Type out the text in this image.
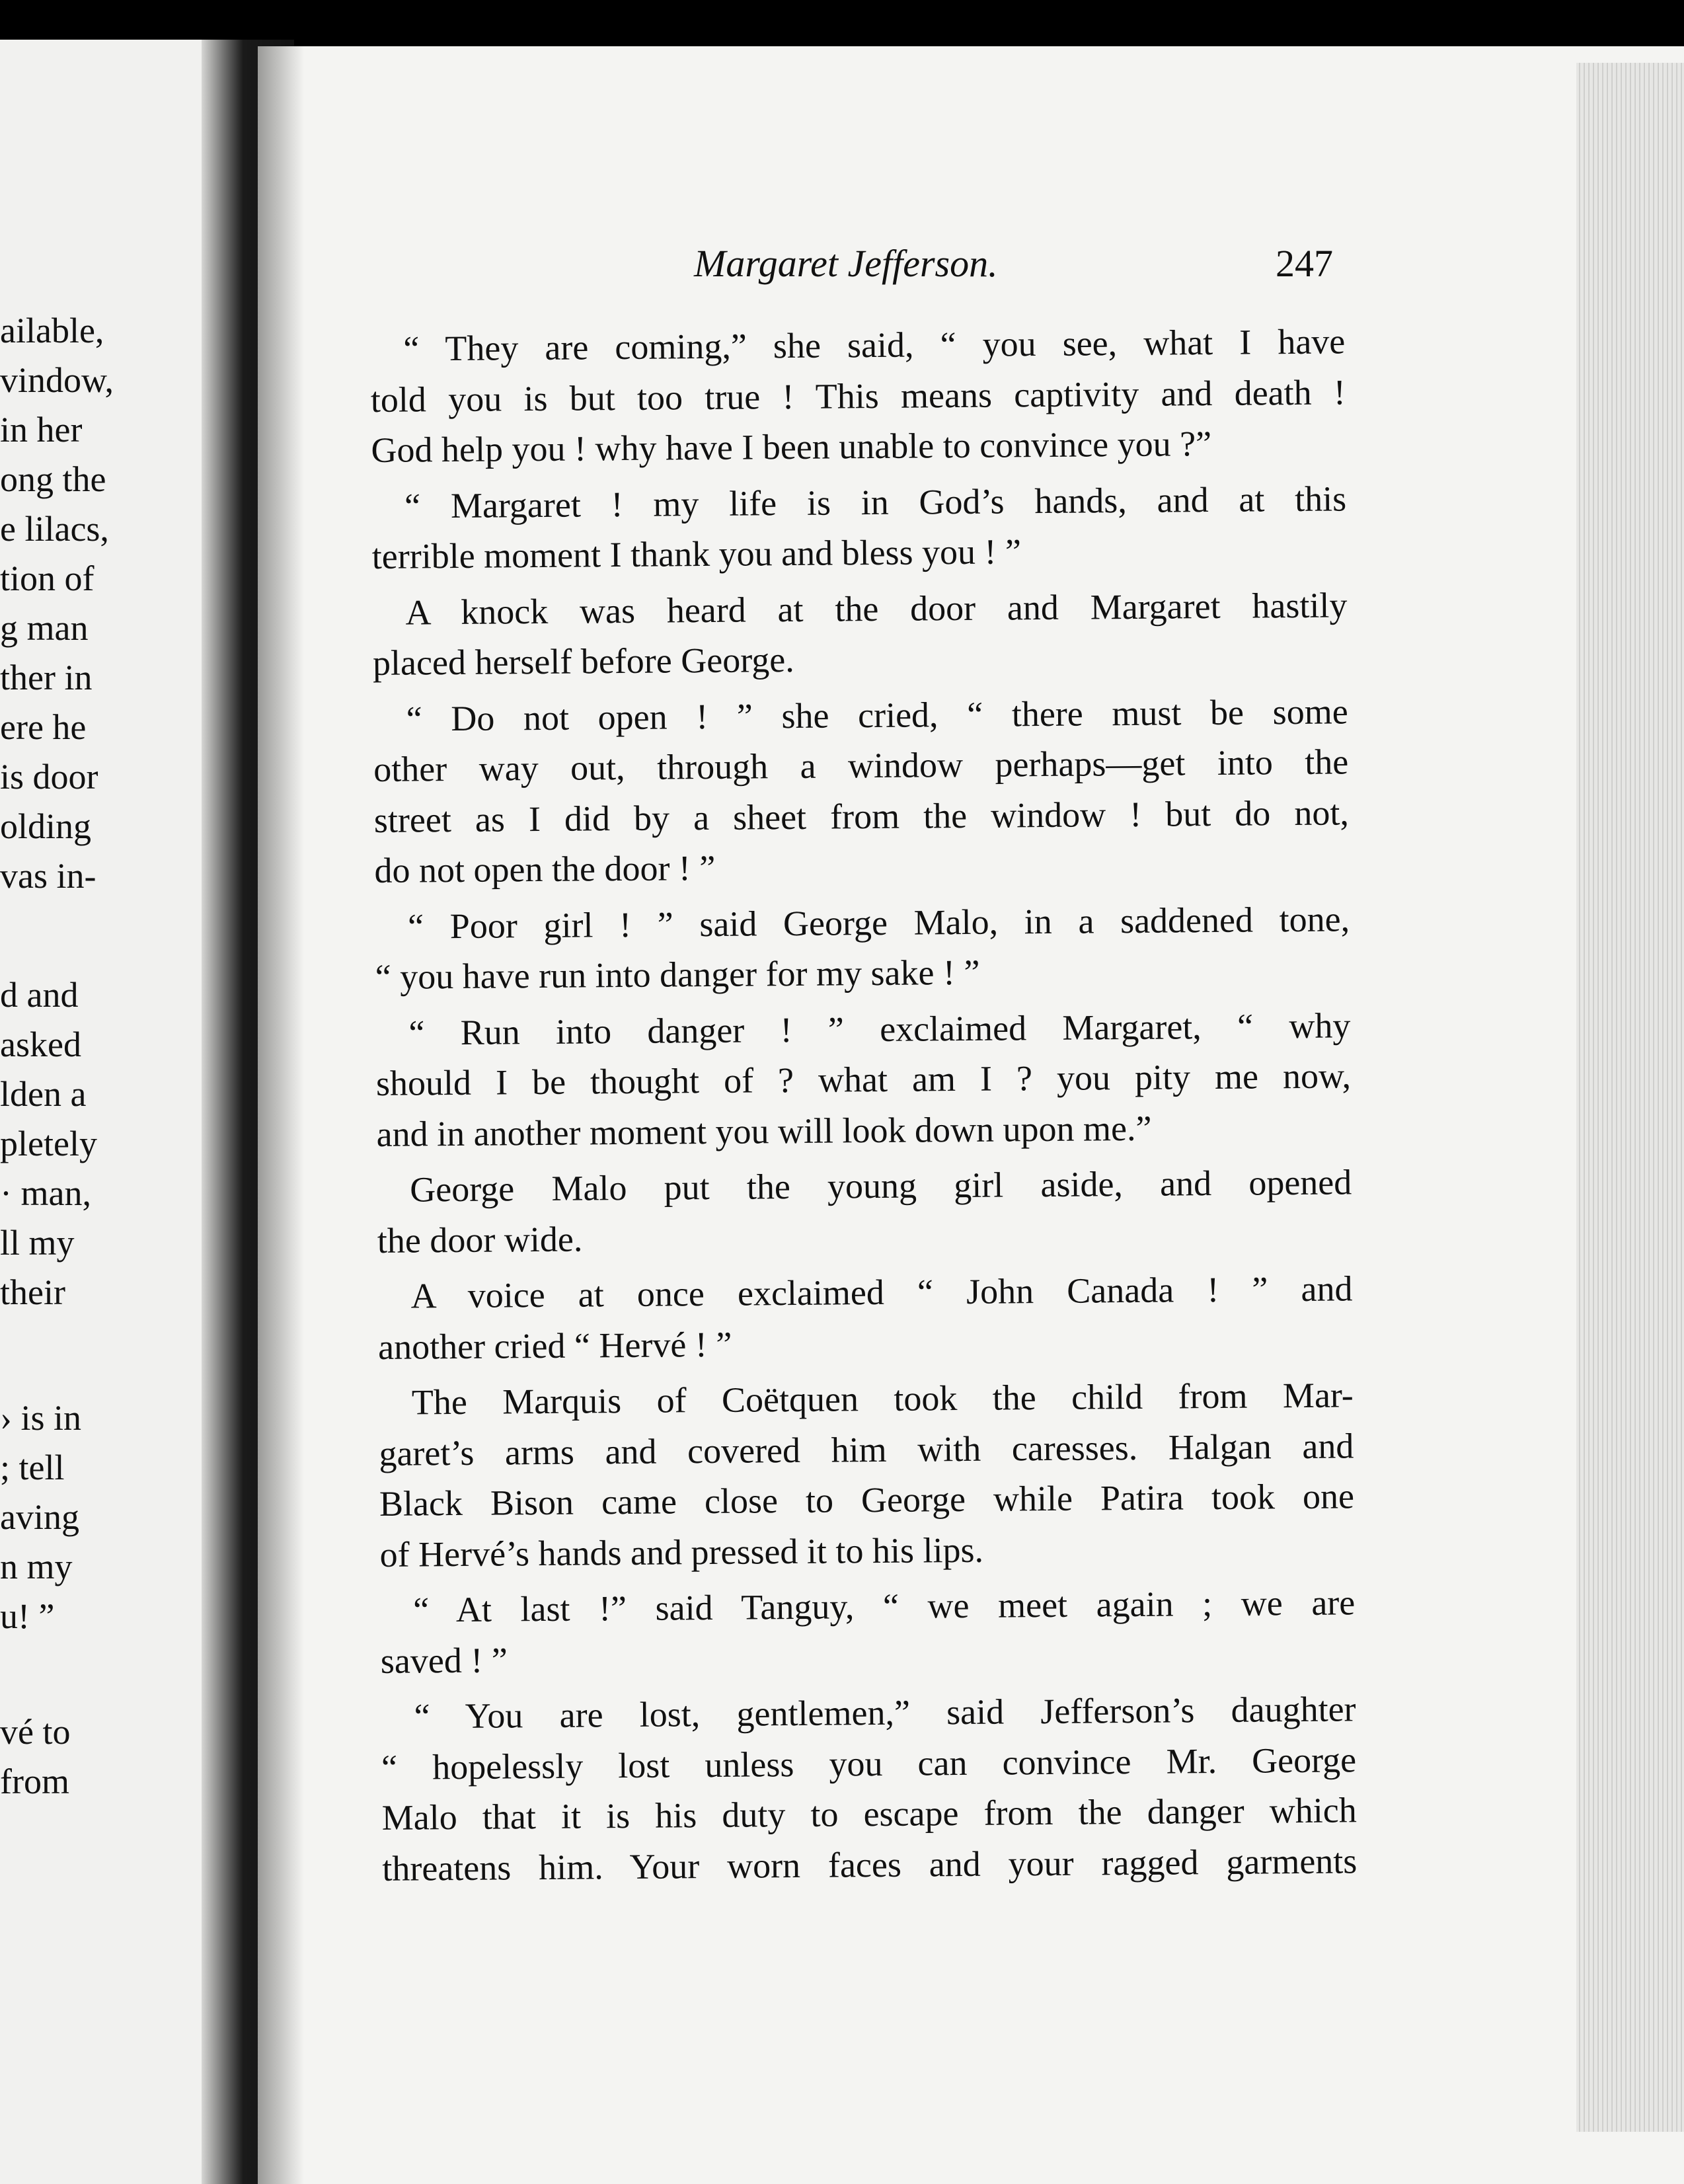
ailable,
vindow,
in her
ong the
e lilacs,
tion of
g man
ther in
ere he
is door
olding
vas in-
d and
asked
lden a
pletely
· man,
ll my
their
› is in
; tell
aving
n my
u! ”
vé to
from
Margaret Jefferson.	247
“ They are coming,” she said, “ you see, what I have
told you is but too true ! This means captivity and death !
God help you ! why have I been unable to convince you ?”
“ Margaret ! my life is in God’s hands, and at this
terrible moment I thank you and bless you ! ”
A knock was heard at the door and Margaret hastily
placed herself before George.
“ Do not open ! ” she cried, “ there must be some
other way out, through a window perhaps—get into the
street as I did by a sheet from the window ! but do not,
do not open the door ! ”
“ Poor girl ! ” said George Malo, in a saddened tone,
“ you have run into danger for my sake ! ”
“ Run into danger ! ” exclaimed Margaret, “ why
should I be thought of ? what am I ? you pity me now,
and in another moment you will look down upon me.”
George Malo put the young girl aside, and opened
the door wide.
A voice at once exclaimed “ John Canada ! ” and
another cried “ Hervé ! ”
The Marquis of Coëtquen took the child from Mar-
garet’s arms and covered him with caresses. Halgan and
Black Bison came close to George while Patira took one
of Hervé’s hands and pressed it to his lips.
“ At last !” said Tanguy, “ we meet again ; we are
saved ! ”
“ You are lost, gentlemen,” said Jefferson’s daughter
“ hopelessly lost unless you can convince Mr. George
Malo that it is his duty to escape from the danger which
threatens him. Your worn faces and your ragged garments
